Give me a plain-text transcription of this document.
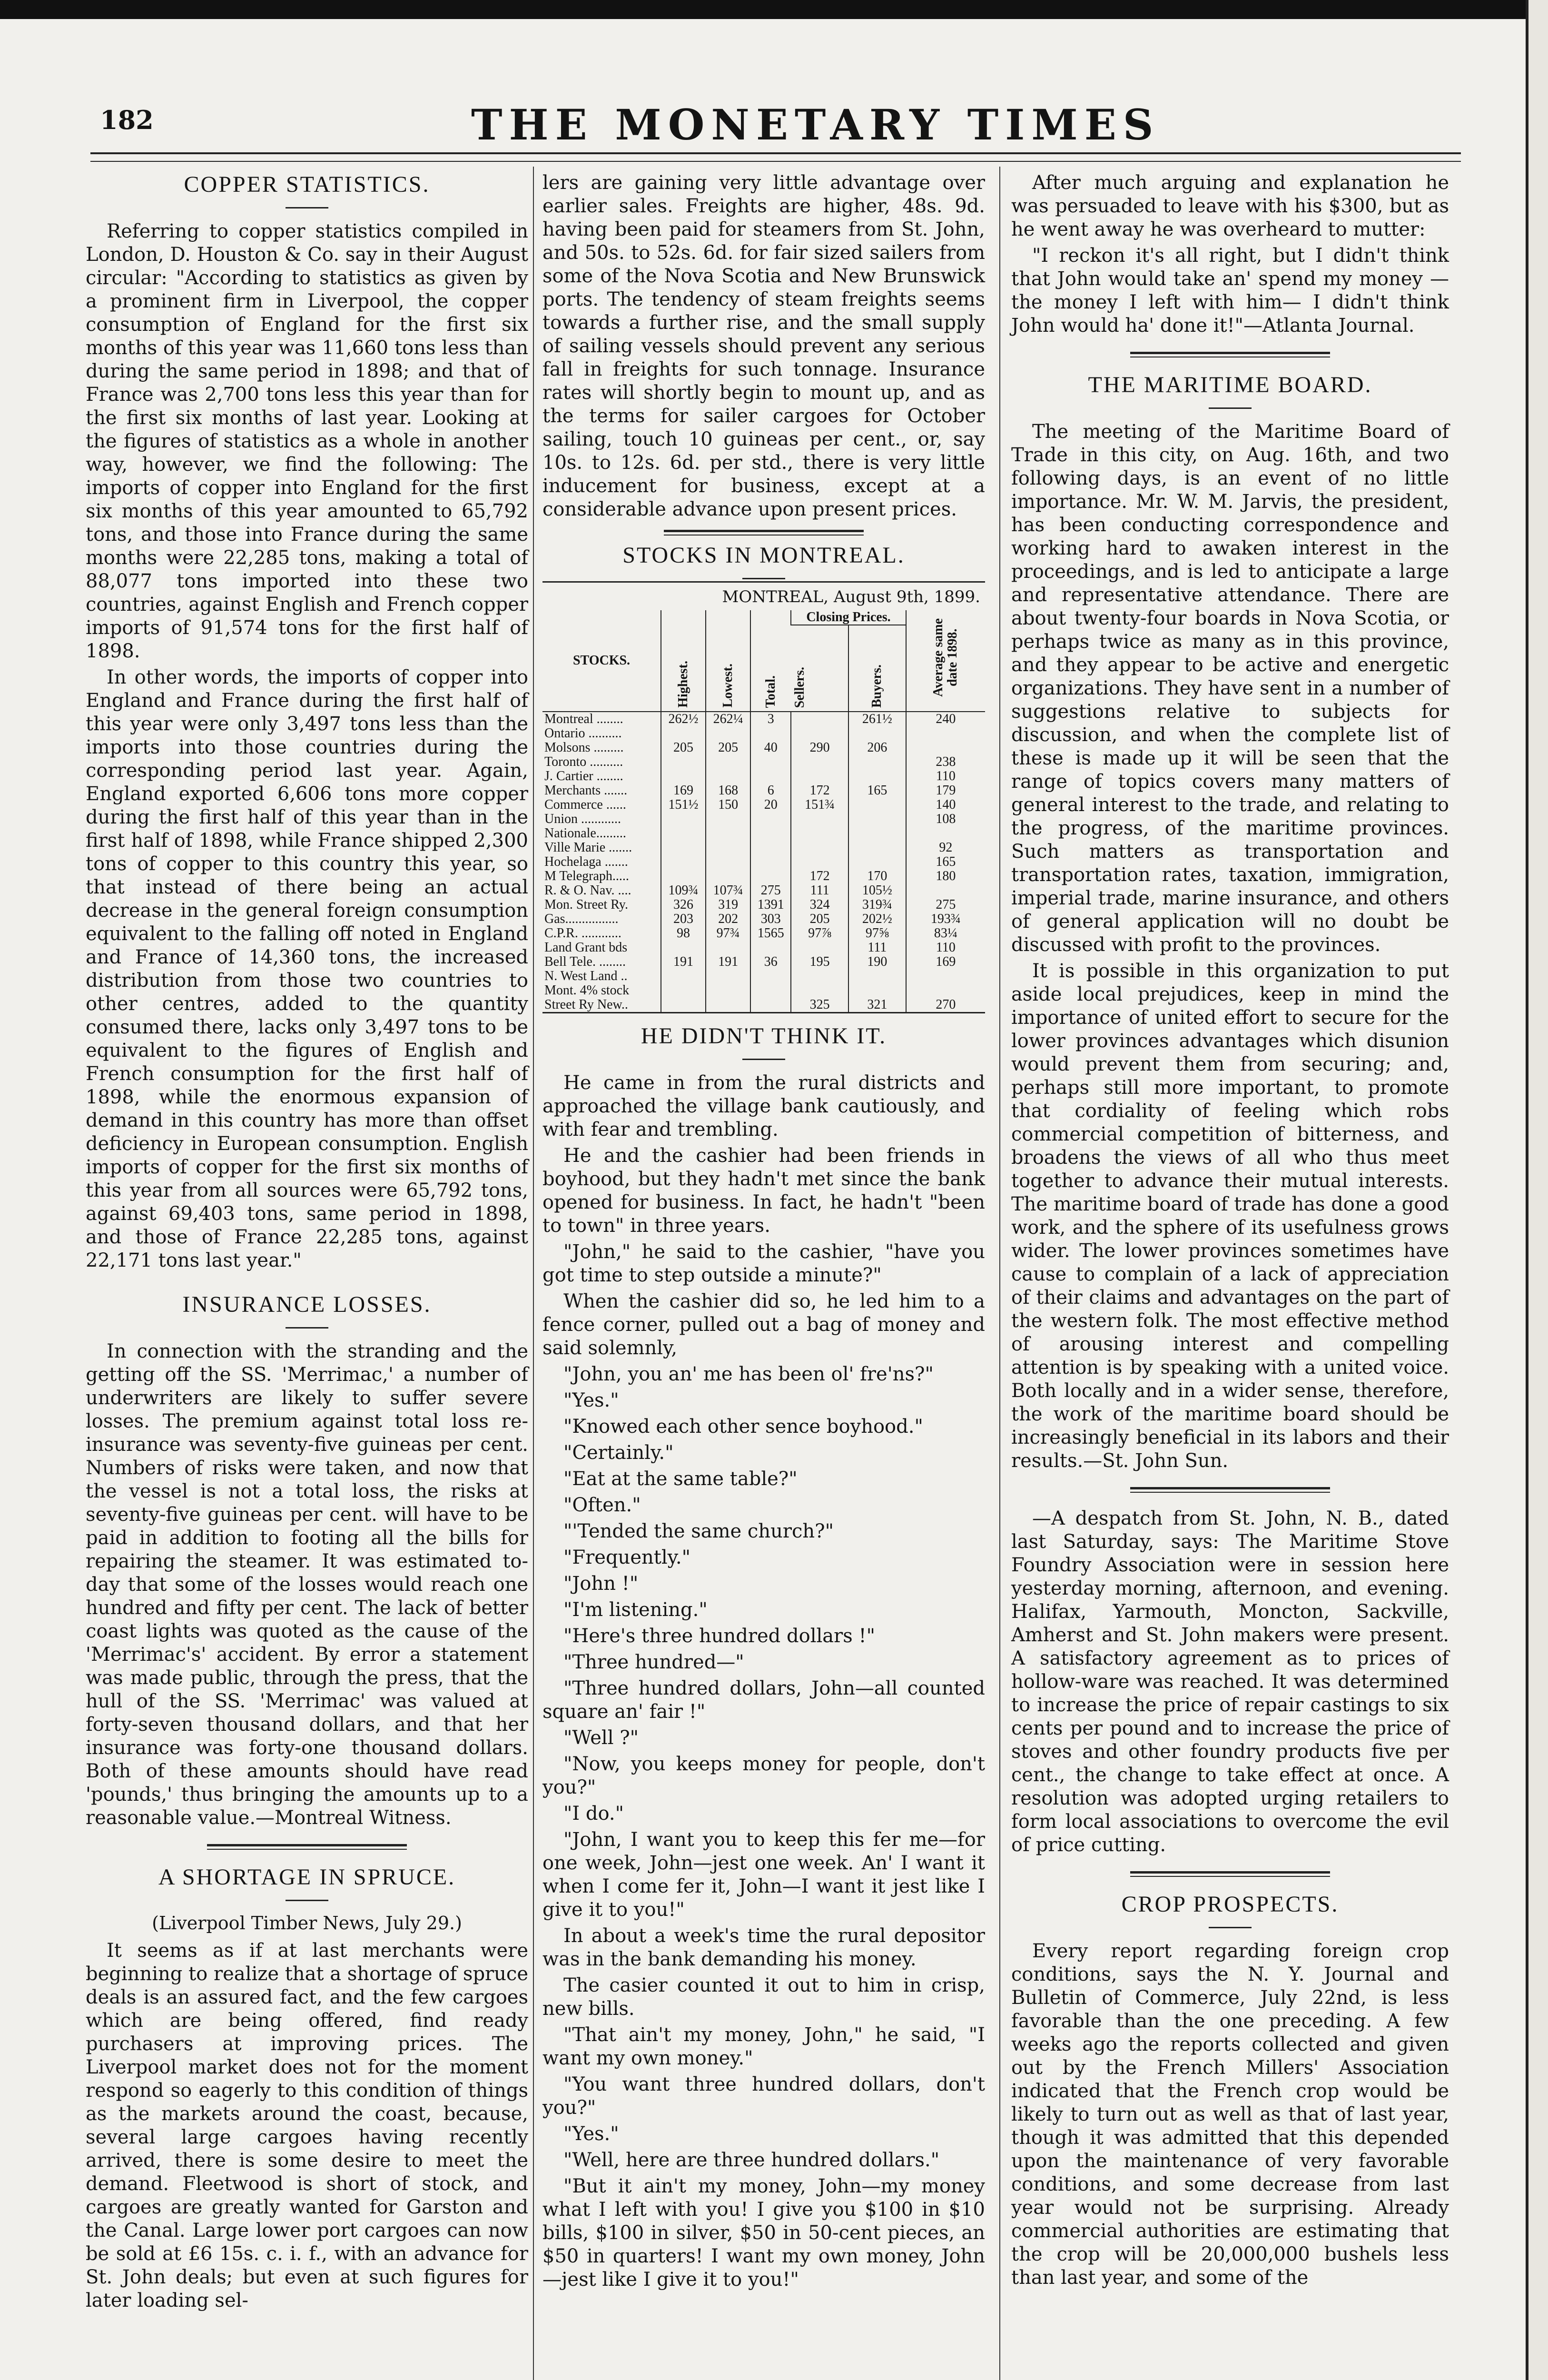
182	THE MONETARY TIMES
COPPER STATISTICS.

Referring to copper statistics compiled in London, D. Houston & Co. say in their August circular: "According to statistics as given by a prominent firm in Liverpool, the copper consumption of England for the first six months of this year was 11,660 tons less than during the same period in 1898; and that of France was 2,700 tons less this year than for the first six months of last year. Looking at the figures of statistics as a whole in another way, however, we find the following: The imports of copper into England for the first six months of this year amounted to 65,792 tons, and those into France during the same months were 22,285 tons, making a total of 88,077 tons imported into these two countries, against English and French copper imports of 91,574 tons for the first half of 1898.

In other words, the imports of copper into England and France during the first half of this year were only 3,497 tons less than the imports into those countries during the corresponding period last year. Again, England exported 6,606 tons more copper during the first half of this year than in the first half of 1898, while France shipped 2,300 tons of copper to this country this year, so that instead of there being an actual decrease in the general foreign consumption equivalent to the falling off noted in England and France of 14,360 tons, the increased distribution from those two countries to other centres, added to the quantity consumed there, lacks only 3,497 tons to be equivalent to the figures of English and French consumption for the first half of 1898, while the enormous expansion of demand in this country has more than offset deficiency in European consumption. English imports of copper for the first six months of this year from all sources were 65,792 tons, against 69,403 tons, same period in 1898, and those of France 22,285 tons, against 22,171 tons last year."

INSURANCE LOSSES.

In connection with the stranding and the getting off the SS. 'Merrimac,' a number of underwriters are likely to suffer severe losses. The premium against total loss re-insurance was seventy-five guineas per cent. Numbers of risks were taken, and now that the vessel is not a total loss, the risks at seventy-five guineas per cent. will have to be paid in addition to footing all the bills for repairing the steamer. It was estimated to-day that some of the losses would reach one hundred and fifty per cent. The lack of better coast lights was quoted as the cause of the 'Merrimac's' accident. By error a statement was made public, through the press, that the hull of the SS. 'Merrimac' was valued at forty-seven thousand dollars, and that her insurance was forty-one thousand dollars. Both of these amounts should have read 'pounds,' thus bringing the amounts up to a reasonable value.—Montreal Witness.

A SHORTAGE IN SPRUCE.
(Liverpool Timber News, July 29.)

It seems as if at last merchants were beginning to realize that a shortage of spruce deals is an assured fact, and the few cargoes which are being offered, find ready purchasers at improving prices. The Liverpool market does not for the moment respond so eagerly to this condition of things as the markets around the coast, because, several large cargoes having recently arrived, there is some desire to meet the demand. Fleetwood is short of stock, and cargoes are greatly wanted for Garston and the Canal. Large lower port cargoes can now be sold at £6 15s. c. i. f., with an advance for St. John deals; but even at such figures for later loading sel-

lers are gaining very little advantage over earlier sales. Freights are higher, 48s. 9d. having been paid for steamers from St. John, and 50s. to 52s. 6d. for fair sized sailers from some of the Nova Scotia and New Brunswick ports. The tendency of steam freights seems towards a further rise, and the small supply of sailing vessels should prevent any serious fall in freights for such tonnage. Insurance rates will shortly begin to mount up, and as the terms for sailer cargoes for October sailing, touch 10 guineas per cent., or, say 10s. to 12s. 6d. per std., there is very little inducement for business, except at a considerable advance upon present prices.

STOCKS IN MONTREAL.
MONTREAL, August 9th, 1899.
STOCKS.	Highest.	Lowest.	Total.	Closing Prices.		Average same date 1898.
				Sellers.	Buyers.	
Montreal ........	262½	262¼	3		261½	240
Ontario ..........						
Molsons .........	205	205	40	290	206	
Toronto ..........						238
J. Cartier ........						110
Merchants .......	169	168	6	172	165	179
Commerce ......	151½	150	20	151¾		140
Union ............						108
Nationale.........						
Ville Marie .......						92
Hochelaga .......						165
M Telegraph.....				172	170	180
R. & O. Nav. ....	109¾	107¾	275	111	105½	
Mon. Street Ry.	326	319	1391	324	319¾	275
Gas................	203	202	303	205	202½	193¾
C.P.R. ............	98	97¾	1565	97⅞	97⅝	83¼
Land Grant bds					111	110
Bell Tele. ........	191	191	36	195	190	169
N. West Land ..						
Mont. 4% stock						
Street Ry New..				325	321	270
HE DIDN'T THINK IT.

He came in from the rural districts and approached the village bank cautiously, and with fear and trembling.

He and the cashier had been friends in boyhood, but they hadn't met since the bank opened for business. In fact, he hadn't "been to town" in three years.

"John," he said to the cashier, "have you got time to step outside a minute?"

When the cashier did so, he led him to a fence corner, pulled out a bag of money and said solemnly,

"John, you an' me has been ol' fre'ns?"

"Yes."

"Knowed each other sence boyhood."

"Certainly."

"Eat at the same table?"

"Often."

"'Tended the same church?"

"Frequently."

"John !"

"I'm listening."

"Here's three hundred dollars !"

"Three hundred—"

"Three hundred dollars, John—all counted square an' fair !"

"Well ?"

"Now, you keeps money for people, don't you?"

"I do."

"John, I want you to keep this fer me—for one week, John—jest one week. An' I want it when I come fer it, John—I want it jest like I give it to you!"

In about a week's time the rural depositor was in the bank demanding his money.

The casier counted it out to him in crisp, new bills.

"That ain't my money, John," he said, "I want my own money."

"You want three hundred dollars, don't you?"

"Yes."

"Well, here are three hundred dollars."

"But it ain't my money, John—my money what I left with you! I give you $100 in $10 bills, $100 in silver, $50 in 50-cent pieces, an $50 in quarters! I want my own money, John—jest like I give it to you!"

After much arguing and explanation he was persuaded to leave with his $300, but as he went away he was overheard to mutter:

"I reckon it's all right, but I didn't think that John would take an' spend my money —the money I left with him— I didn't think John would ha' done it!"—Atlanta Journal.

THE MARITIME BOARD.

The meeting of the Maritime Board of Trade in this city, on Aug. 16th, and two following days, is an event of no little importance. Mr. W. M. Jarvis, the president, has been conducting correspondence and working hard to awaken interest in the proceedings, and is led to anticipate a large and representative attendance. There are about twenty-four boards in Nova Scotia, or perhaps twice as many as in this province, and they appear to be active and energetic organizations. They have sent in a number of suggestions relative to subjects for discussion, and when the complete list of these is made up it will be seen that the range of topics covers many matters of general interest to the trade, and relating to the progress, of the maritime provinces. Such matters as transportation and transportation rates, taxation, immigration, imperial trade, marine insurance, and others of general application will no doubt be discussed with profit to the provinces.

It is possible in this organization to put aside local prejudices, keep in mind the importance of united effort to secure for the lower provinces advantages which disunion would prevent them from securing; and, perhaps still more important, to promote that cordiality of feeling which robs commercial competition of bitterness, and broadens the views of all who thus meet together to advance their mutual interests. The maritime board of trade has done a good work, and the sphere of its usefulness grows wider. The lower provinces sometimes have cause to complain of a lack of appreciation of their claims and advantages on the part of the western folk. The most effective method of arousing interest and compelling attention is by speaking with a united voice. Both locally and in a wider sense, therefore, the work of the maritime board should be increasingly beneficial in its labors and their results.—St. John Sun.

—A despatch from St. John, N. B., dated last Saturday, says: The Maritime Stove Foundry Association were in session here yesterday morning, afternoon, and evening. Halifax, Yarmouth, Moncton, Sackville, Amherst and St. John makers were present. A satisfactory agreement as to prices of hollow-ware was reached. It was determined to increase the price of repair castings to six cents per pound and to increase the price of stoves and other foundry products five per cent., the change to take effect at once. A resolution was adopted urging retailers to form local associations to overcome the evil of price cutting.

CROP PROSPECTS.

Every report regarding foreign crop conditions, says the N. Y. Journal and Bulletin of Commerce, July 22nd, is less favorable than the one preceding. A few weeks ago the reports collected and given out by the French Millers' Association indicated that the French crop would be likely to turn out as well as that of last year, though it was admitted that this depended upon the maintenance of very favorable conditions, and some decrease from last year would not be surprising. Already commercial authorities are estimating that the crop will be 20,000,000 bushels less than last year, and some of the
